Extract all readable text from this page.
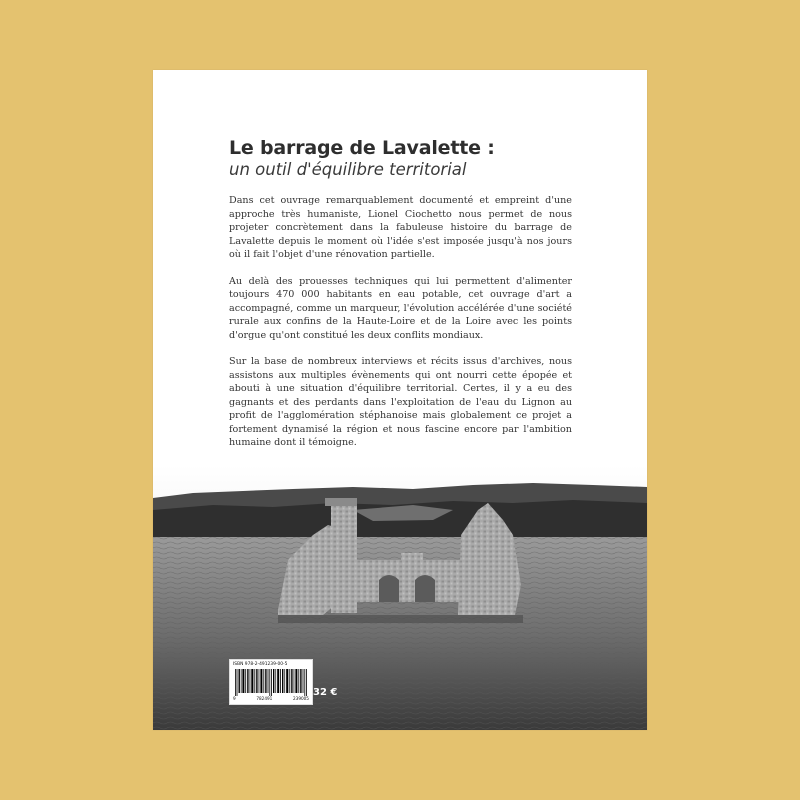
Le barrage de Lavalette :
un outil d'équilibre territorial

Dans cet ouvrage remarquablement documenté et empreint d'une approche très humaniste, Lionel Ciochetto nous permet de nous projeter concrètement dans la fabuleuse histoire du barrage de Lavalette depuis le moment où l'idée s'est imposée jusqu'à nos jours où il fait l'objet d'une rénovation partielle.

Au delà des prouesses techniques qui lui permettent d'alimenter toujours 470 000 habitants en eau potable, cet ouvrage d'art a accompagné, comme un marqueur, l'évolution accélérée d'une société rurale aux confins de la Haute-Loire et de la Loire avec les points d'orgue qu'ont constitué les deux conflits mondiaux.

Sur la base de nombreux interviews et récits issus d'archives, nous assistons aux multiples évènements qui ont nourri cette épopée et abouti à une situation d'équilibre territorial. Certes, il y a eu des gagnants et des perdants dans l'exploitation de l'eau du Lignon au profit de l'agglomération stéphanoise mais globalement ce projet a fortement dynamisé la région et nous fascine encore par l'ambition humaine dont il témoigne.

ISBN 978-2-491239-00-5
9	782491	239005
32 €
